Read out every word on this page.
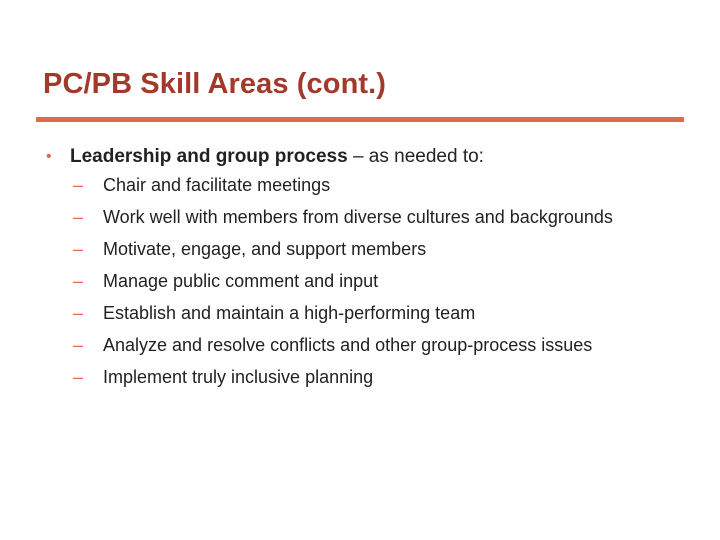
PC/PB Skill Areas (cont.)
• Leadership and group process – as needed to:
–	Chair and facilitate meetings
–	Work well with members from diverse cultures and backgrounds
–	Motivate, engage, and support members
–	Manage public comment and input
–	Establish and maintain a high-performing team
–	Analyze and resolve conflicts and other group-process issues
–	Implement truly inclusive planning
